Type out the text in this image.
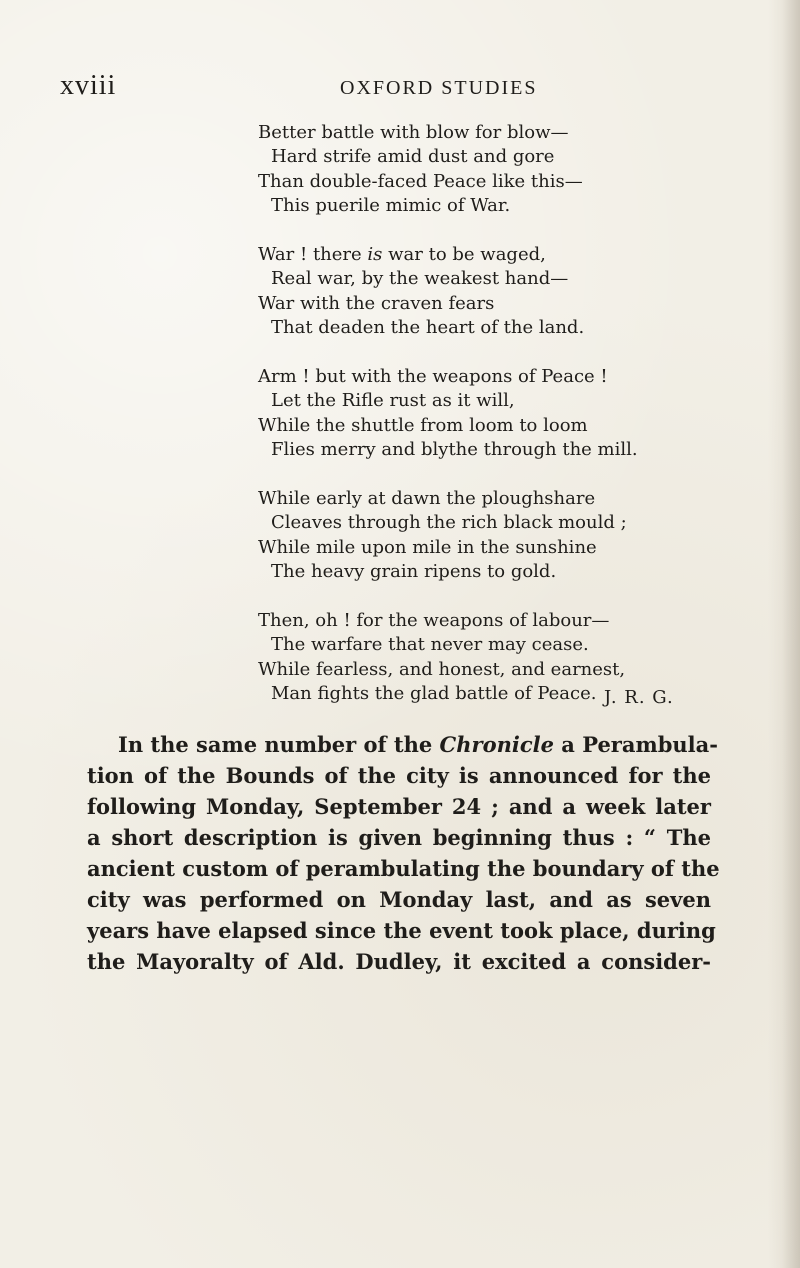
xviii	OXFORD STUDIES
Better battle with blow for blow—
Hard strife amid dust and gore
Than double-faced Peace like this—
This puerile mimic of War.
War ! there is war to be waged,
Real war, by the weakest hand—
War with the craven fears
That deaden the heart of the land.
Arm ! but with the weapons of Peace !
Let the Rifle rust as it will,
While the shuttle from loom to loom
Flies merry and blythe through the mill.
While early at dawn the ploughshare
Cleaves through the rich black mould ;
While mile upon mile in the sunshine
The heavy grain ripens to gold.
Then, oh ! for the weapons of labour—
The warfare that never may cease.
While fearless, and honest, and earnest,
Man fights the glad battle of Peace. J. R. G.
In the same number of the Chronicle a Perambula-
tion of the Bounds of the city is announced for the
following Monday, September 24 ; and a week later
a short description is given beginning thus : “ The
ancient custom of perambulating the boundary of the
city was performed on Monday last, and as seven
years have elapsed since the event took place, during
the Mayoralty of Ald. Dudley, it excited a consider-
